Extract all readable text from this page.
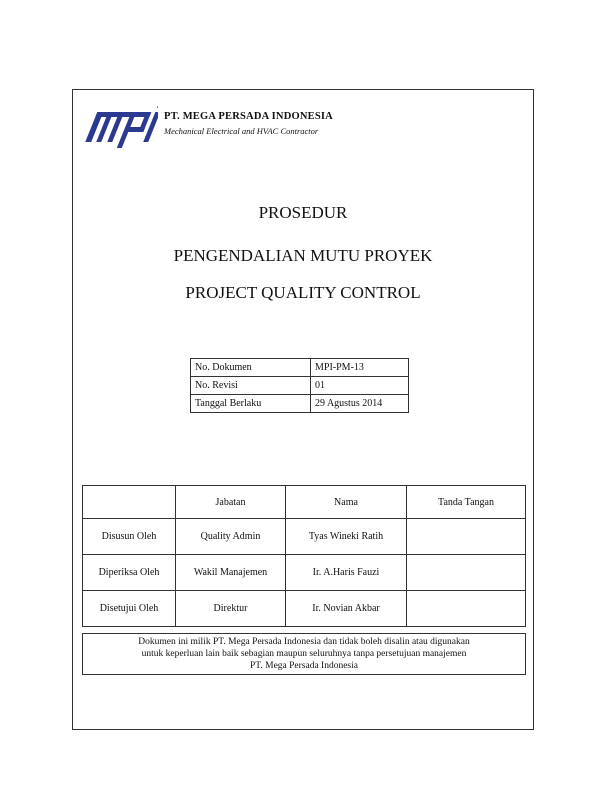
PT. MEGA PERSADA INDONESIA
Mechanical Electrical and HVAC Contractor
PROSEDUR
PENGENDALIAN MUTU PROYEK
PROJECT QUALITY CONTROL
No. Dokumen	MPI-PM-13
No. Revisi	01
Tanggal Berlaku	29 Agustus 2014
	Jabatan	Nama	Tanda Tangan
Disusun Oleh	Quality Admin	Tyas Wineki Ratih	
Diperiksa Oleh	Wakil Manajemen	Ir. A.Haris Fauzi	
Disetujui Oleh	Direktur	Ir. Novian Akbar	
Dokumen ini milik PT. Mega Persada Indonesia dan tidak boleh disalin atau digunakan
untuk keperluan lain baik sebagian maupun seluruhnya tanpa persetujuan manajemen
PT. Mega Persada Indonesia
